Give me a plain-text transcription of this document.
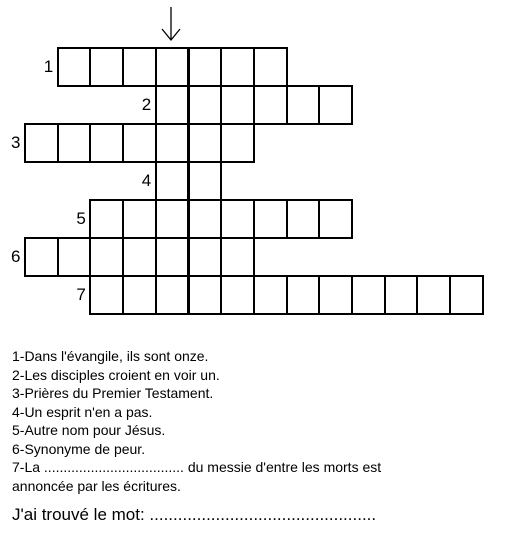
1
2
3
4
5
6
7
1-Dans l'évangile, ils sont onze.
2-Les disciples croient en voir un.
3-Prières du Premier Testament.
4-Un esprit n'en a pas.
5-Autre nom pour Jésus.
6-Synonyme de peur.
7-La .................................... du messie d'entre les morts est annoncée par les écritures.
J'ai trouvé le mot: ................................................
